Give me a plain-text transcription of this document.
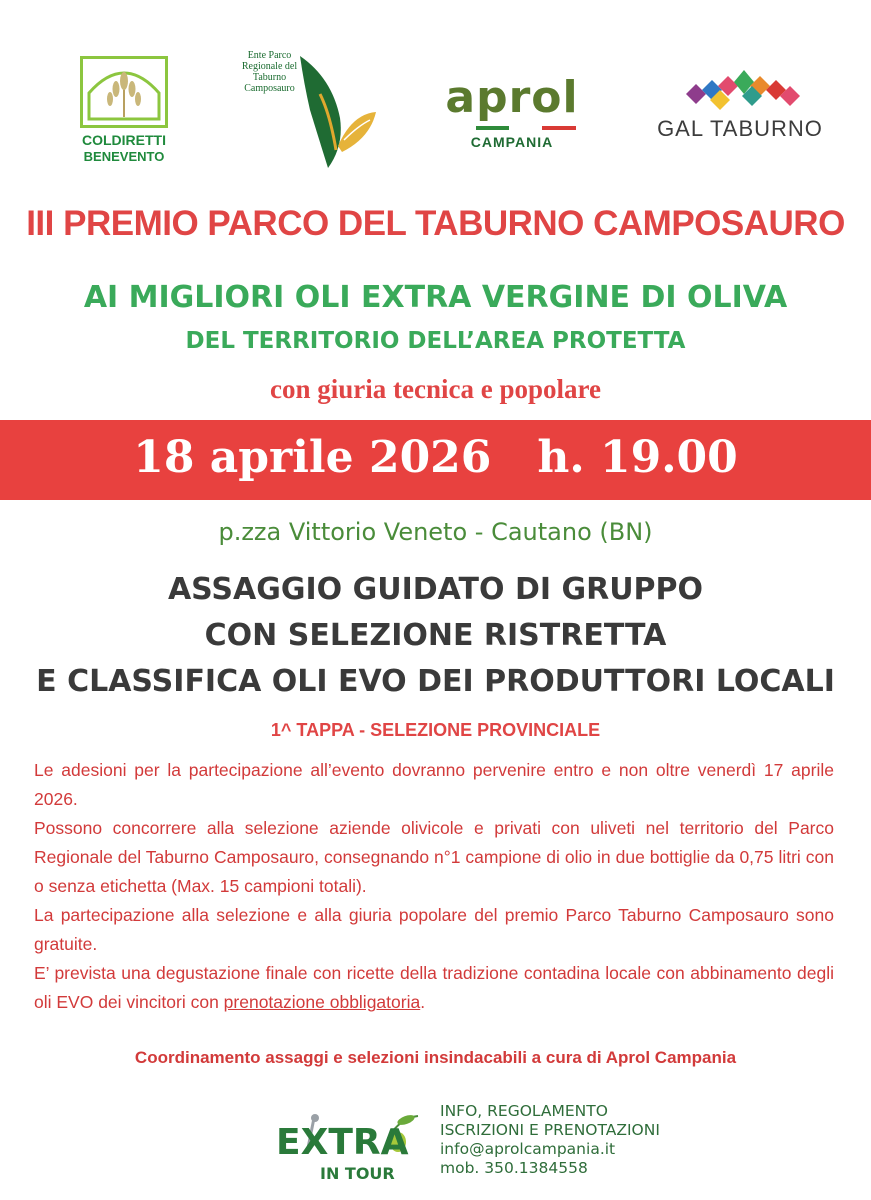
COLDIRETTI
BENEVENTO
Ente Parco
Regionale del
Taburno
Camposauro	aprol
CAMPANIA
GAL TABURNO
III PREMIO PARCO DEL TABURNO CAMPOSAURO
AI MIGLIORI OLI EXTRA VERGINE DI OLIVA
DEL TERRITORIO DELL’AREA PROTETTA
con giuria tecnica e popolare
18 aprile 2026   h. 19.00
p.zza Vittorio Veneto - Cautano (BN)
ASSAGGIO GUIDATO DI GRUPPO
CON SELEZIONE RISTRETTA
E CLASSIFICA OLI EVO DEI PRODUTTORI LOCALI
1^ TAPPA - SELEZIONE PROVINCIALE

Le adesioni per la partecipazione all’evento dovranno pervenire entro e non oltre venerdì 17 aprile 2026.

Possono concorrere alla selezione aziende olivicole e privati con uliveti nel territorio del Parco Regionale del Taburno Camposauro, consegnando n°1 campione di olio in due bottiglie da 0,75 litri con o senza etichetta (Max. 15 campioni totali).

La partecipazione alla selezione e alla giuria popolare del premio Parco Taburno Camposauro sono gratuite.

E’ prevista una degustazione finale con ricette della tradizione contadina locale con abbinamento degli oli EVO dei vincitori con prenotazione obbligatoria.

Coordinamento assaggi e selezioni insindacabili a cura di Aprol Campania
EXTRA
IN TOUR
INFO, REGOLAMENTO
ISCRIZIONI E PRENOTAZIONI
info@aprolcampania.it
mob. 350.1384558
